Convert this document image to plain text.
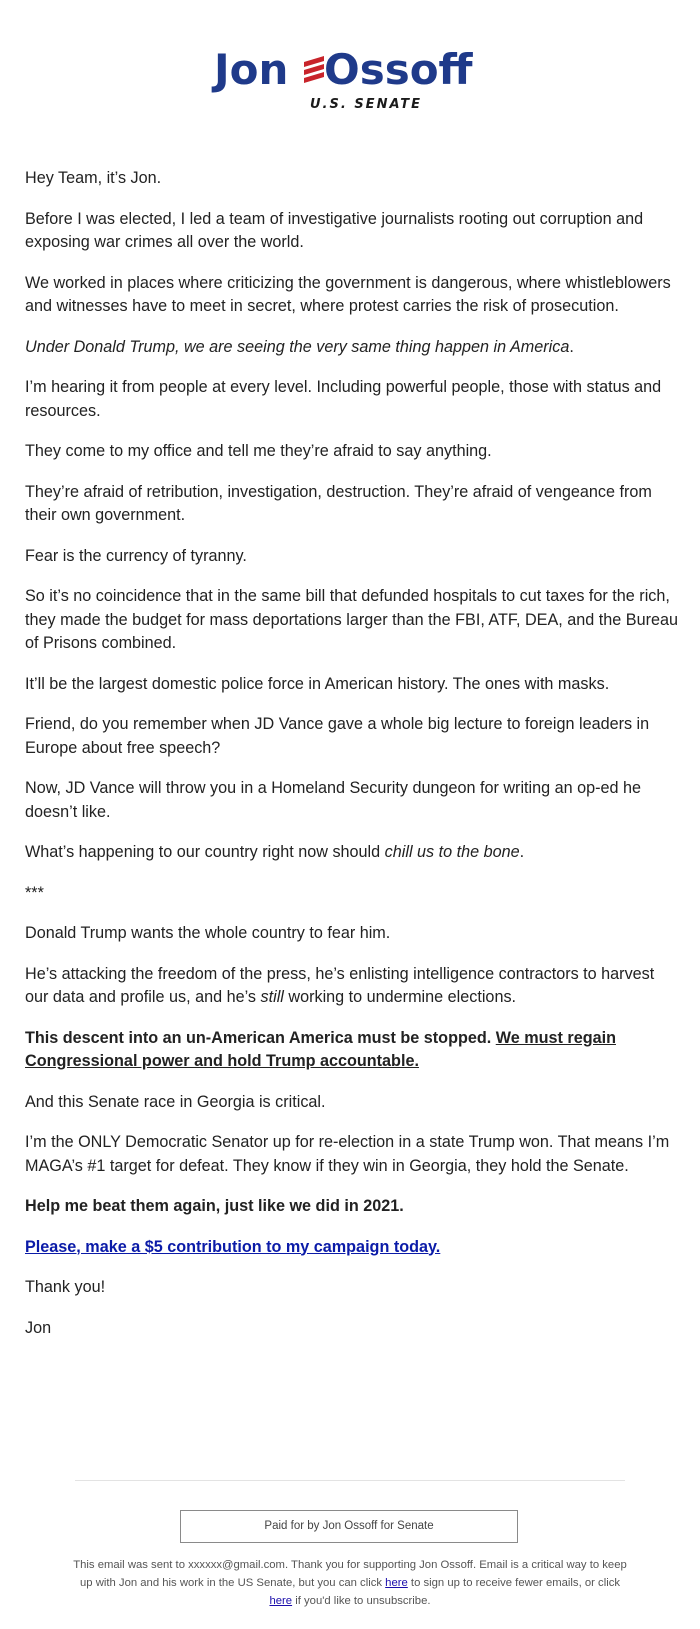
Jon Ossoff
U.S. SENATE

Hey Team, it’s Jon.

Before I was elected, I led a team of investigative journalists rooting out corruption and exposing war crimes all over the world.

We worked in places where criticizing the government is dangerous, where whistleblowers and witnesses have to meet in secret, where protest carries the risk of prosecution.

Under Donald Trump, we are seeing the very same thing happen in America.

I’m hearing it from people at every level. Including powerful people, those with status and resources.

They come to my office and tell me they’re afraid to say anything.

They’re afraid of retribution, investigation, destruction. They’re afraid of vengeance from their own government.

Fear is the currency of tyranny.

So it’s no coincidence that in the same bill that defunded hospitals to cut taxes for the rich, they made the budget for mass deportations larger than the FBI, ATF, DEA, and the Bureau of Prisons combined.

It’ll be the largest domestic police force in American history. The ones with masks.

Friend, do you remember when JD Vance gave a whole big lecture to foreign leaders in Europe about free speech?

Now, JD Vance will throw you in a Homeland Security dungeon for writing an op-ed he doesn’t like.

What’s happening to our country right now should chill us to the bone.

***

Donald Trump wants the whole country to fear him.

He’s attacking the freedom of the press, he’s enlisting intelligence contractors to harvest our data and profile us, and he’s still working to undermine elections.

This descent into an un-American America must be stopped. We must regain Congressional power and hold Trump accountable.

And this Senate race in Georgia is critical.

I’m the ONLY Democratic Senator up for re-election in a state Trump won. That means I’m MAGA’s #1 target for defeat. They know if they win in Georgia, they hold the Senate.

Help me beat them again, just like we did in 2021.

Please, make a $5 contribution to my campaign today.

Thank you!

Jon

Paid for by Jon Ossoff for Senate
This email was sent to xxxxxx@gmail.com. Thank you for supporting Jon Ossoff. Email is a critical way to keep up with Jon and his work in the US Senate, but you can click here to sign up to receive fewer emails, or click here if you'd like to unsubscribe.
